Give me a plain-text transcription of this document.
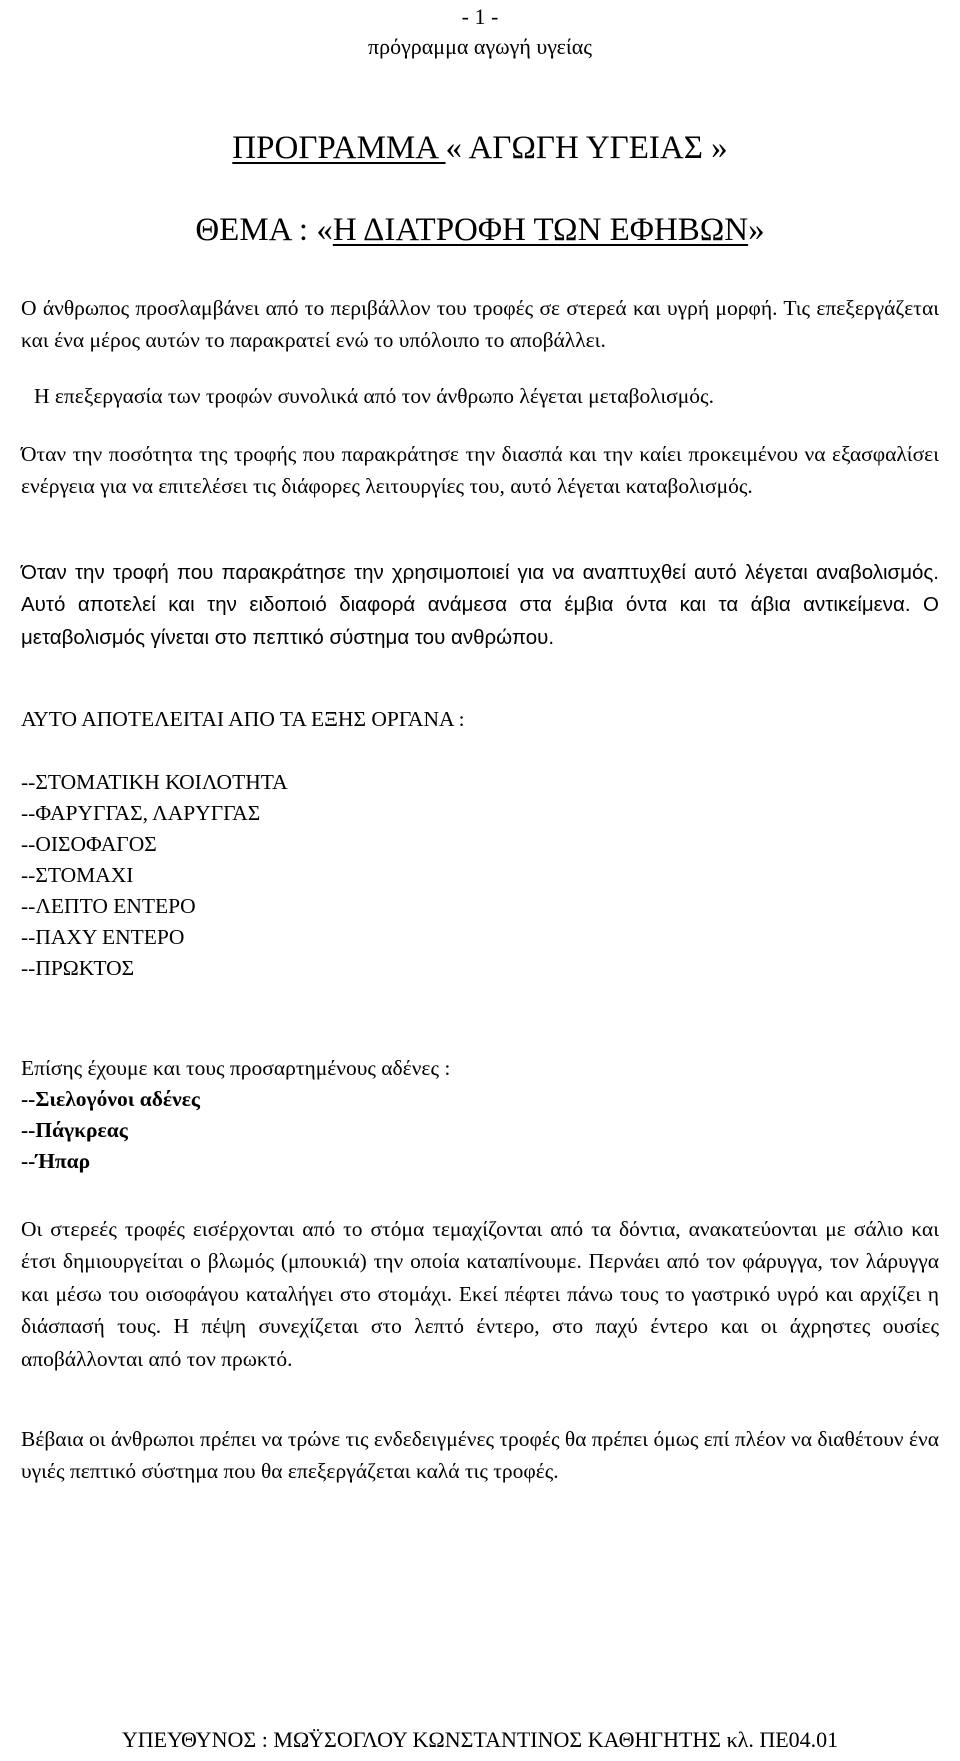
- 1 -
πρόγραμμα αγωγή υγείας
ΠΡΟΓΡΑΜΜΑ « ΑΓΩΓΗ ΥΓΕΙΑΣ »
ΘΕΜΑ : «Η ΔΙΑΤΡΟΦΗ ΤΩΝ ΕΦΗΒΩΝ»

Ο άνθρωπος προσλαμβάνει από το περιβάλλον του τροφές σε στερεά και υγρή μορφή. Τις επεξεργάζεται και ένα μέρος αυτών το παρακρατεί ενώ το υπόλοιπο το αποβάλλει.

Η επεξεργασία των τροφών συνολικά από τον άνθρωπο λέγεται μεταβολισμός.

Όταν την ποσότητα της τροφής που παρακράτησε την διασπά και την καίει προκειμένου να εξασφαλίσει ενέργεια για να επιτελέσει τις διάφορες λειτουργίες του, αυτό λέγεται καταβολισμός.

Όταν την τροφή που παρακράτησε την χρησιμοποιεί για να αναπτυχθεί αυτό λέγεται αναβολισμός. Αυτό αποτελεί και την ειδοποιό διαφορά ανάμεσα στα έμβια όντα και τα άβια αντικείμενα. Ο μεταβολισμός γίνεται στο πεπτικό σύστημα του ανθρώπου.

ΑΥΤΟ ΑΠΟΤΕΛΕΙΤΑΙ ΑΠΟ ΤΑ ΕΞΗΣ ΟΡΓΑΝΑ :
--ΣΤΟΜΑΤΙΚΗ ΚΟΙΛΟΤΗΤΑ
--ΦΑΡΥΓΓΑΣ, ΛΑΡΥΓΓΑΣ
--ΟΙΣΟΦΑΓΟΣ
--ΣΤΟΜΑΧΙ
--ΛΕΠΤΟ ΕΝΤΕΡΟ
--ΠΑΧΥ ΕΝΤΕΡΟ
--ΠΡΩΚΤΟΣ
Επίσης έχουμε και τους προσαρτημένους αδένες :
--Σιελογόνοι αδένες
--Πάγκρεας
--Ήπαρ

Οι στερεές τροφές εισέρχονται από το στόμα τεμαχίζονται από τα δόντια, ανακατεύονται με σάλιο και έτσι δημιουργείται ο βλωμός (μπουκιά) την οποία καταπίνουμε. Περνάει από τον φάρυγγα, τον λάρυγγα και μέσω του οισοφάγου καταλήγει στο στομάχι. Εκεί πέφτει πάνω τους το γαστρικό υγρό και αρχίζει η διάσπασή τους. Η πέψη συνεχίζεται στο λεπτό έντερο, στο παχύ έντερο και οι άχρηστες ουσίες αποβάλλονται από τον πρωκτό.

Βέβαια οι άνθρωποι πρέπει να τρώνε τις ενδεδειγμένες τροφές θα πρέπει όμως επί πλέον να διαθέτουν ένα υγιές πεπτικό σύστημα που θα επεξεργάζεται καλά τις τροφές.

ΥΠΕΥΘΥΝΟΣ : ΜΩΫΣΟΓΛΟΥ ΚΩΝΣΤΑΝΤΙΝΟΣ ΚΑΘΗΓΗΤΗΣ κλ. ΠΕ04.01
